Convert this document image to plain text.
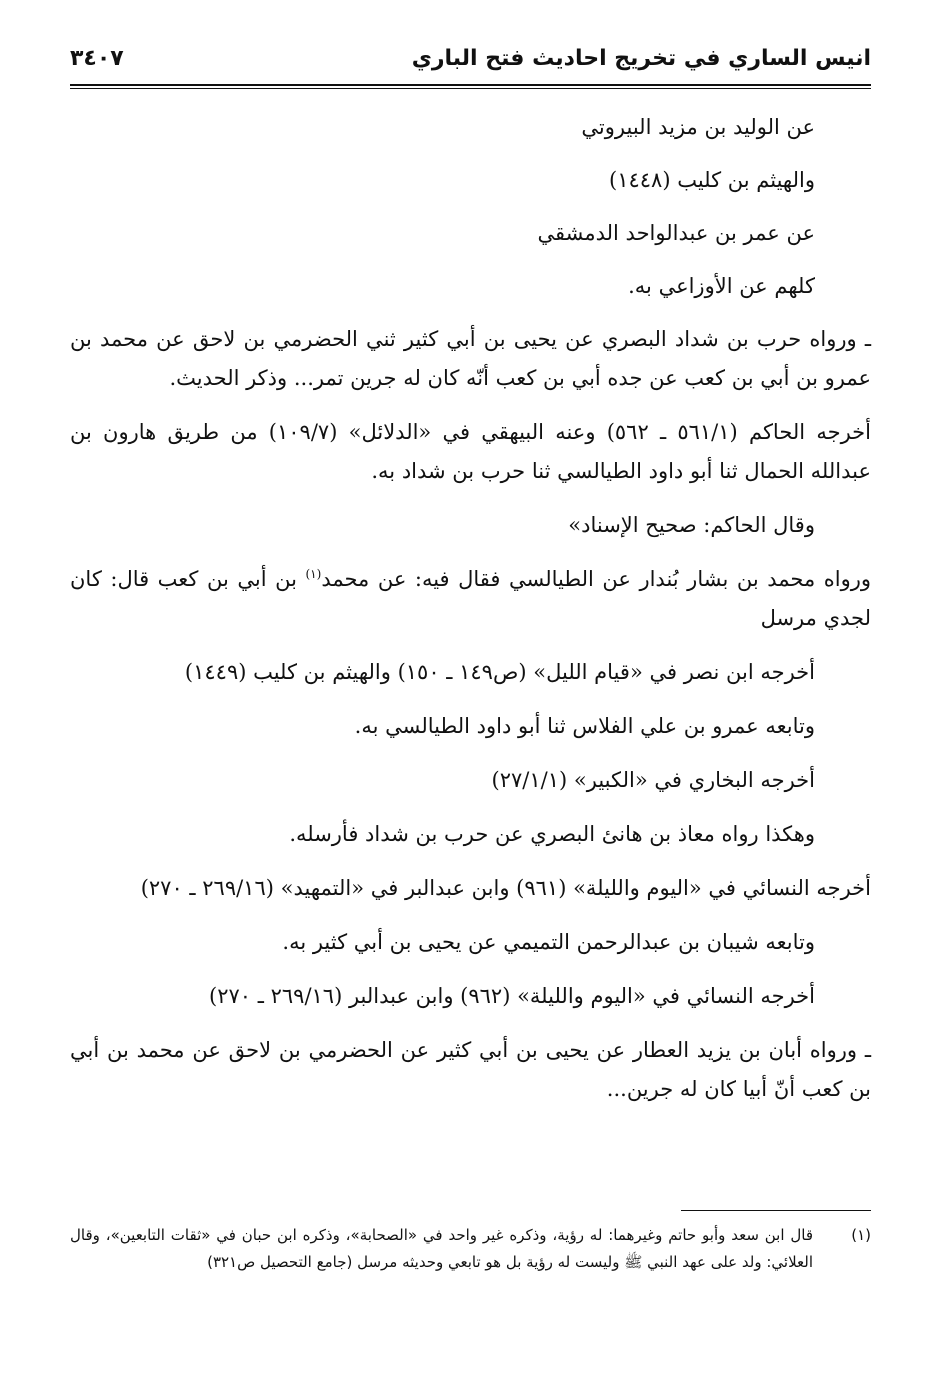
انيس الساري في تخريج احاديث فتح الباري
٣٤٠٧

عن الوليد بن مزيد البيروتي

والهيثم بن كليب (١٤٤٨)

عن عمر بن عبدالواحد الدمشقي

كلهم عن الأوزاعي به.

ـ ورواه حرب بن شداد البصري عن يحيى بن أبي كثير ثني الحضرمي بن لاحق عن محمد بن عمرو بن أبي بن كعب عن جده أبي بن كعب أنّه كان له جرين تمر... وذكر الحديث.

أخرجه الحاكم (٥٦١/١ ـ ٥٦٢) وعنه البيهقي في «الدلائل» (١٠٩/٧) من طريق هارون بن عبدالله الحمال ثنا أبو داود الطيالسي ثنا حرب بن شداد به.

وقال الحاكم: صحيح الإسناد»

ورواه محمد بن بشار بُندار عن الطيالسي فقال فيه: عن محمد$^{(١)}$ بن أبي بن كعب قال: كان لجدي مرسل

أخرجه ابن نصر في «قيام الليل» (ص١٤٩ ـ ١٥٠) والهيثم بن كليب (١٤٤٩)

وتابعه عمرو بن علي الفلاس ثنا أبو داود الطيالسي به.

أخرجه البخاري في «الكبير» (٢٧/١/١)

وهكذا رواه معاذ بن هانئ البصري عن حرب بن شداد فأرسله.

أخرجه النسائي في «اليوم والليلة» (٩٦١) وابن عبدالبر في «التمهيد» (٢٦٩/١٦ ـ ٢٧٠)

وتابعه شيبان بن عبدالرحمن التميمي عن يحيى بن أبي كثير به.

أخرجه النسائي في «اليوم والليلة» (٩٦٢) وابن عبدالبر (٢٦٩/١٦ ـ ٢٧٠)

ـ ورواه أبان بن يزيد العطار عن يحيى بن أبي كثير عن الحضرمي بن لاحق عن محمد بن أبي بن كعب أنّ أبيا كان له جرين...

(١)
قال ابن سعد وأبو حاتم وغيرهما: له رؤية، وذكره غير واحد في «الصحابة»، وذكره ابن حبان في «ثقات التابعين»، وقال العلائي: ولد على عهد النبي ﷺ وليست له رؤية بل هو تابعي وحديثه مرسل (جامع التحصيل ص٣٢١)
